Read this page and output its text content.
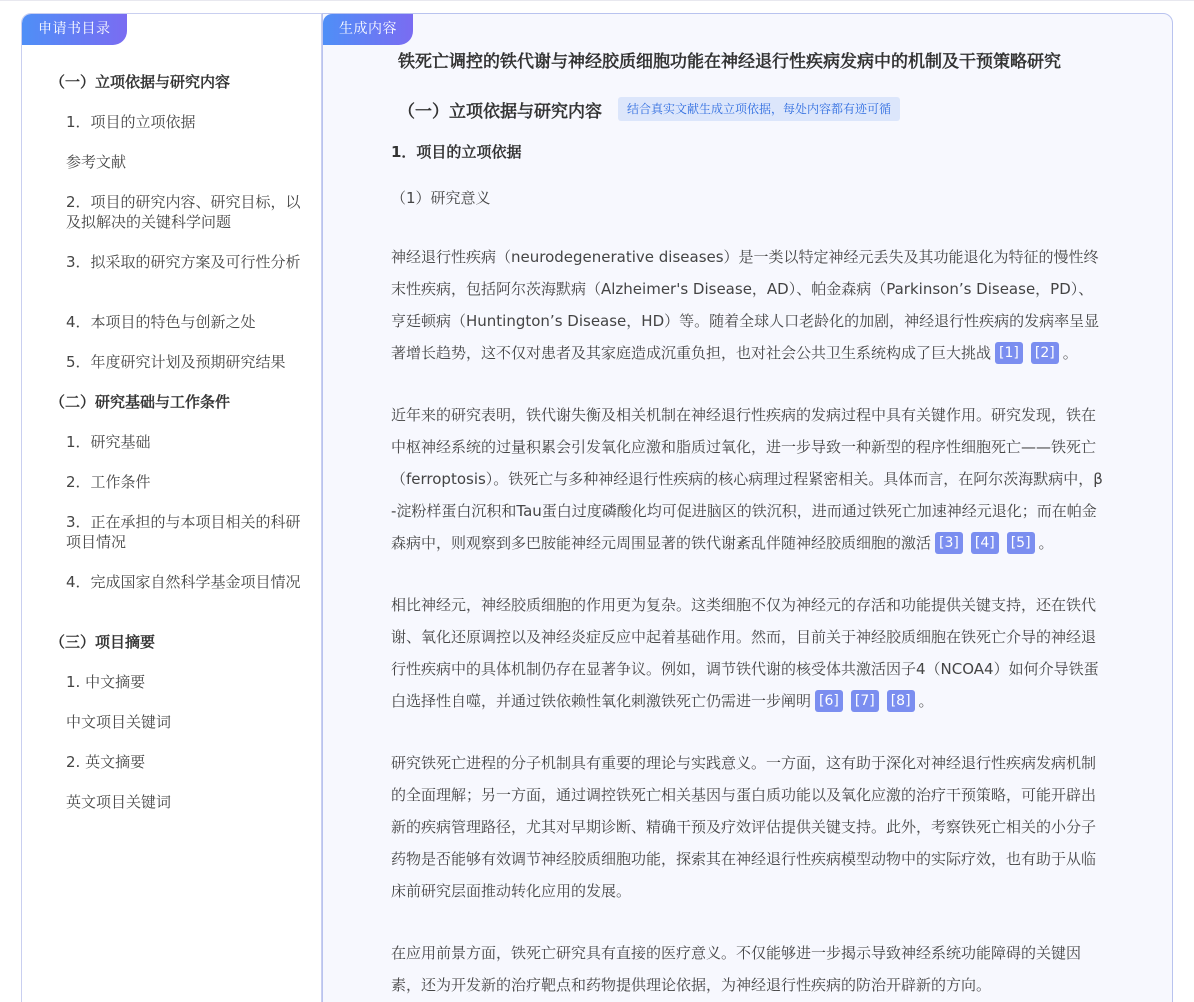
申请书目录
（一）立项依据与研究内容
1．项目的立项依据
参考文献
2．项目的研究内容、研究目标，以及拟解决的关键科学问题
3．拟采取的研究方案及可行性分析
4．本项目的特色与创新之处
5．年度研究计划及预期研究结果
（二）研究基础与工作条件
1．研究基础
2．工作条件
3．正在承担的与本项目相关的科研项目情况
4．完成国家自然科学基金项目情况
（三）项目摘要
1. 中文摘要
中文项目关键词
2. 英文摘要
英文项目关键词
生成内容
铁死亡调控的铁代谢与神经胶质细胞功能在神经退行性疾病发病中的机制及干预策略研究
（一）立项依据与研究内容	结合真实文献生成立项依据，每处内容都有迹可循
1．项目的立项依据
（1）研究意义

神经退行性疾病（neurodegenerative diseases）是一类以特定神经元丢失及其功能退化为特征的慢性终末性疾病，包括阿尔茨海默病（Alzheimer's Disease，AD）、帕金森病（Parkinson’s Disease，PD）、亨廷顿病（Huntington’s Disease，HD）等。随着全球人口老龄化的加剧，神经退行性疾病的发病率呈显著增长趋势，这不仅对患者及其家庭造成沉重负担，也对社会公共卫生系统构成了巨大挑战 [1] [2] 。

近年来的研究表明，铁代谢失衡及相关机制在神经退行性疾病的发病过程中具有关键作用。研究发现，铁在中枢神经系统的过量积累会引发氧化应激和脂质过氧化，进一步导致一种新型的程序性细胞死亡——铁死亡（ferroptosis）。铁死亡与多种神经退行性疾病的核心病理过程紧密相关。具体而言，在阿尔茨海默病中，β-淀粉样蛋白沉积和Tau蛋白过度磷酸化均可促进脑区的铁沉积，进而通过铁死亡加速神经元退化；而在帕金森病中，则观察到多巴胺能神经元周围显著的铁代谢紊乱伴随神经胶质细胞的激活 [3] [4] [5] 。

相比神经元，神经胶质细胞的作用更为复杂。这类细胞不仅为神经元的存活和功能提供关键支持，还在铁代谢、氧化还原调控以及神经炎症反应中起着基础作用。然而，目前关于神经胶质细胞在铁死亡介导的神经退行性疾病中的具体机制仍存在显著争议。例如，调节铁代谢的核受体共激活因子4（NCOA4）如何介导铁蛋白选择性自噬，并通过铁依赖性氧化刺激铁死亡仍需进一步阐明 [6] [7] [8] 。

研究铁死亡进程的分子机制具有重要的理论与实践意义。一方面，这有助于深化对神经退行性疾病发病机制的全面理解；另一方面，通过调控铁死亡相关基因与蛋白质功能以及氧化应激的治疗干预策略，可能开辟出新的疾病管理路径，尤其对早期诊断、精确干预及疗效评估提供关键支持。此外，考察铁死亡相关的小分子药物是否能够有效调节神经胶质细胞功能，探索其在神经退行性疾病模型动物中的实际疗效，也有助于从临床前研究层面推动转化应用的发展。

在应用前景方面，铁死亡研究具有直接的医疗意义。不仅能够进一步揭示导致神经系统功能障碍的关键因素，还为开发新的治疗靶点和药物提供理论依据，为神经退行性疾病的防治开辟新的方向。
